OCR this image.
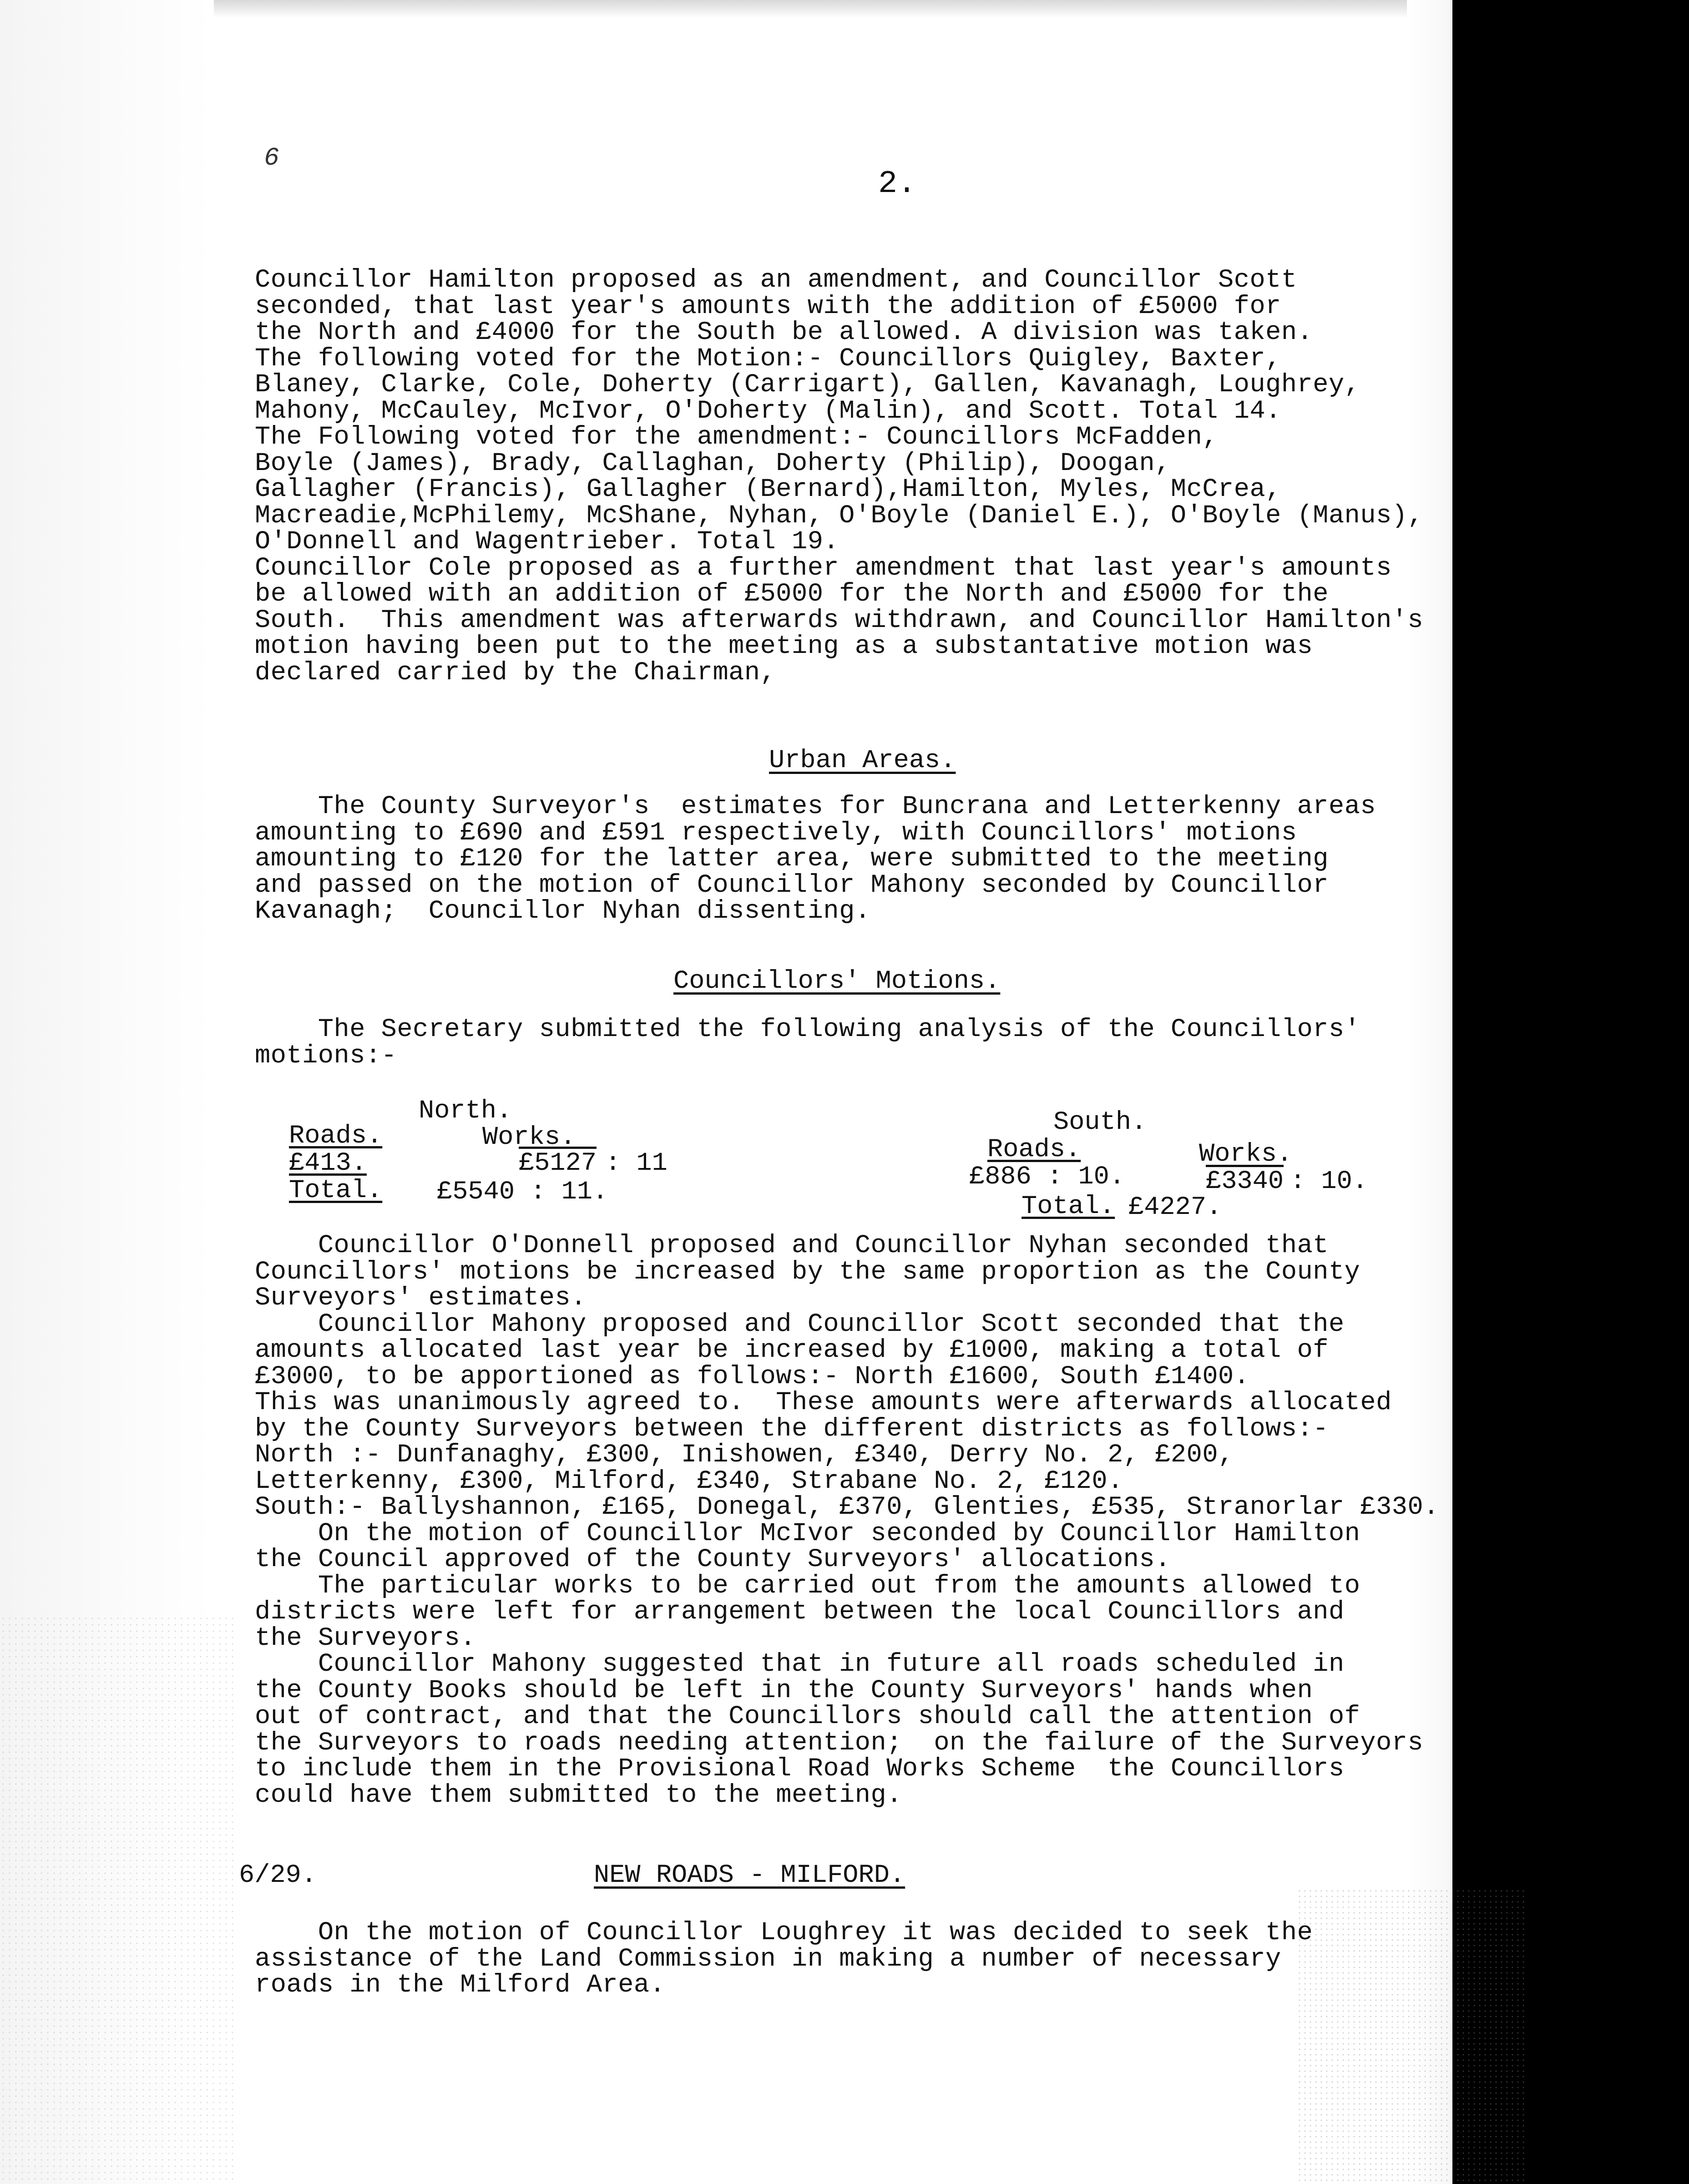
6
2.

Councillor Hamilton proposed as an amendment, and Councillor Scott
seconded, that last year's amounts with the addition of £5000 for
the North and £4000 for the South be allowed. A division was taken.
The following voted for the Motion:- Councillors Quigley, Baxter,
Blaney, Clarke, Cole, Doherty (Carrigart), Gallen, Kavanagh, Loughrey,
Mahony, McCauley, McIvor, O'Doherty (Malin), and Scott. Total 14.
The Following voted for the amendment:- Councillors McFadden,
Boyle (James), Brady, Callaghan, Doherty (Philip), Doogan,
Gallagher (Francis), Gallagher (Bernard),Hamilton, Myles, McCrea,
Macreadie,McPhilemy, McShane, Nyhan, O'Boyle (Daniel E.), O'Boyle (Manus),
O'Donnell and Wagentrieber. Total 19.
Councillor Cole proposed as a further amendment that last year's amounts
be allowed with an addition of £5000 for the North and £5000 for the
South.  This amendment was afterwards withdrawn, and Councillor Hamilton's
motion having been put to the meeting as a substantative motion was
declared carried by the Chairman,

Urban Areas.

The County Surveyor's  estimates for Buncrana and Letterkenny areas
amounting to £690 and £591 respectively, with Councillors' motions
amounting to £120 for the latter area, were submitted to the meeting
and passed on the motion of Councillor Mahony seconded by Councillor
Kavanagh;  Councillor Nyhan dissenting.

Councillors' Motions.

The Secretary submitted the following analysis of the Councillors'
motions:-

North.
Roads.	Works.
£413.	£5127 : 11
Total. £5540 : 11.
South.
Roads.	Works.
£886 : 10.	£3340 : 10.
Total. £4227.

Councillor O'Donnell proposed and Councillor Nyhan seconded that
Councillors' motions be increased by the same proportion as the County
Surveyors' estimates.
Councillor Mahony proposed and Councillor Scott seconded that the
amounts allocated last year be increased by £1000, making a total of
£3000, to be apportioned as follows:- North £1600, South £1400.
This was unanimously agreed to.  These amounts were afterwards allocated
by the County Surveyors between the different districts as follows:-
North :- Dunfanaghy, £300, Inishowen, £340, Derry No. 2, £200,
Letterkenny, £300, Milford, £340, Strabane No. 2, £120.
South:- Ballyshannon, £165, Donegal, £370, Glenties, £535, Stranorlar £330.
On the motion of Councillor McIvor seconded by Councillor Hamilton
the Council approved of the County Surveyors' allocations.
The particular works to be carried out from the amounts allowed to
districts were left for arrangement between the local Councillors and
the Surveyors.
Councillor Mahony suggested that in future all roads scheduled in
the County Books should be left in the County Surveyors' hands when
out of contract, and that the Councillors should call the attention of
the Surveyors to roads needing attention;  on the failure of the Surveyors
to include them in the Provisional Road Works Scheme  the Councillors
could have them submitted to the meeting.

6/29.	NEW ROADS - MILFORD.

On the motion of Councillor Loughrey it was decided to seek the
assistance of the Land Commission in making a number of necessary
roads in the Milford Area.
